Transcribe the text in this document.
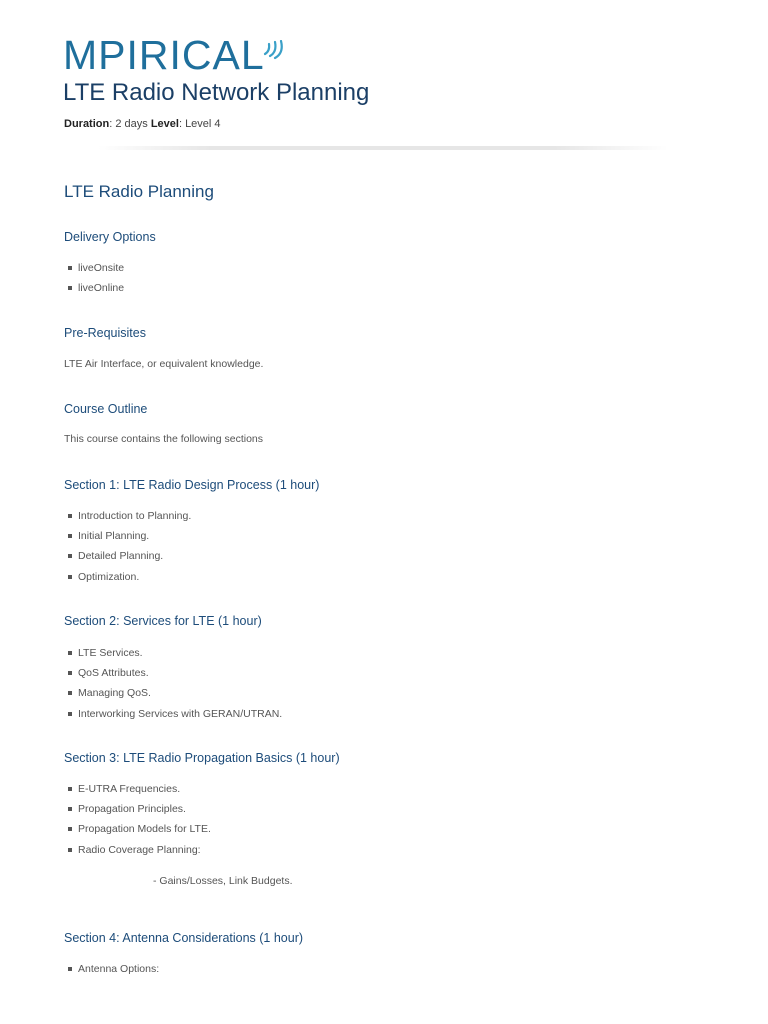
MPIRICAL
LTE Radio Network Planning
Duration: 2 days Level: Level 4
LTE Radio Planning
Delivery Options
liveOnsite
liveOnline
Pre-Requisites

LTE Air Interface, or equivalent knowledge.

Course Outline

This course contains the following sections

Section 1: LTE Radio Design Process (1 hour)
Introduction to Planning.
Initial Planning.
Detailed Planning.
Optimization.
Section 2: Services for LTE (1 hour)
LTE Services.
QoS Attributes.
Managing QoS.
Interworking Services with GERAN/UTRAN.
Section 3: LTE Radio Propagation Basics (1 hour)
E-UTRA Frequencies.
Propagation Principles.
Propagation Models for LTE.
Radio Coverage Planning:
- Gains/Losses, Link Budgets.
Section 4: Antenna Considerations (1 hour)
Antenna Options:
